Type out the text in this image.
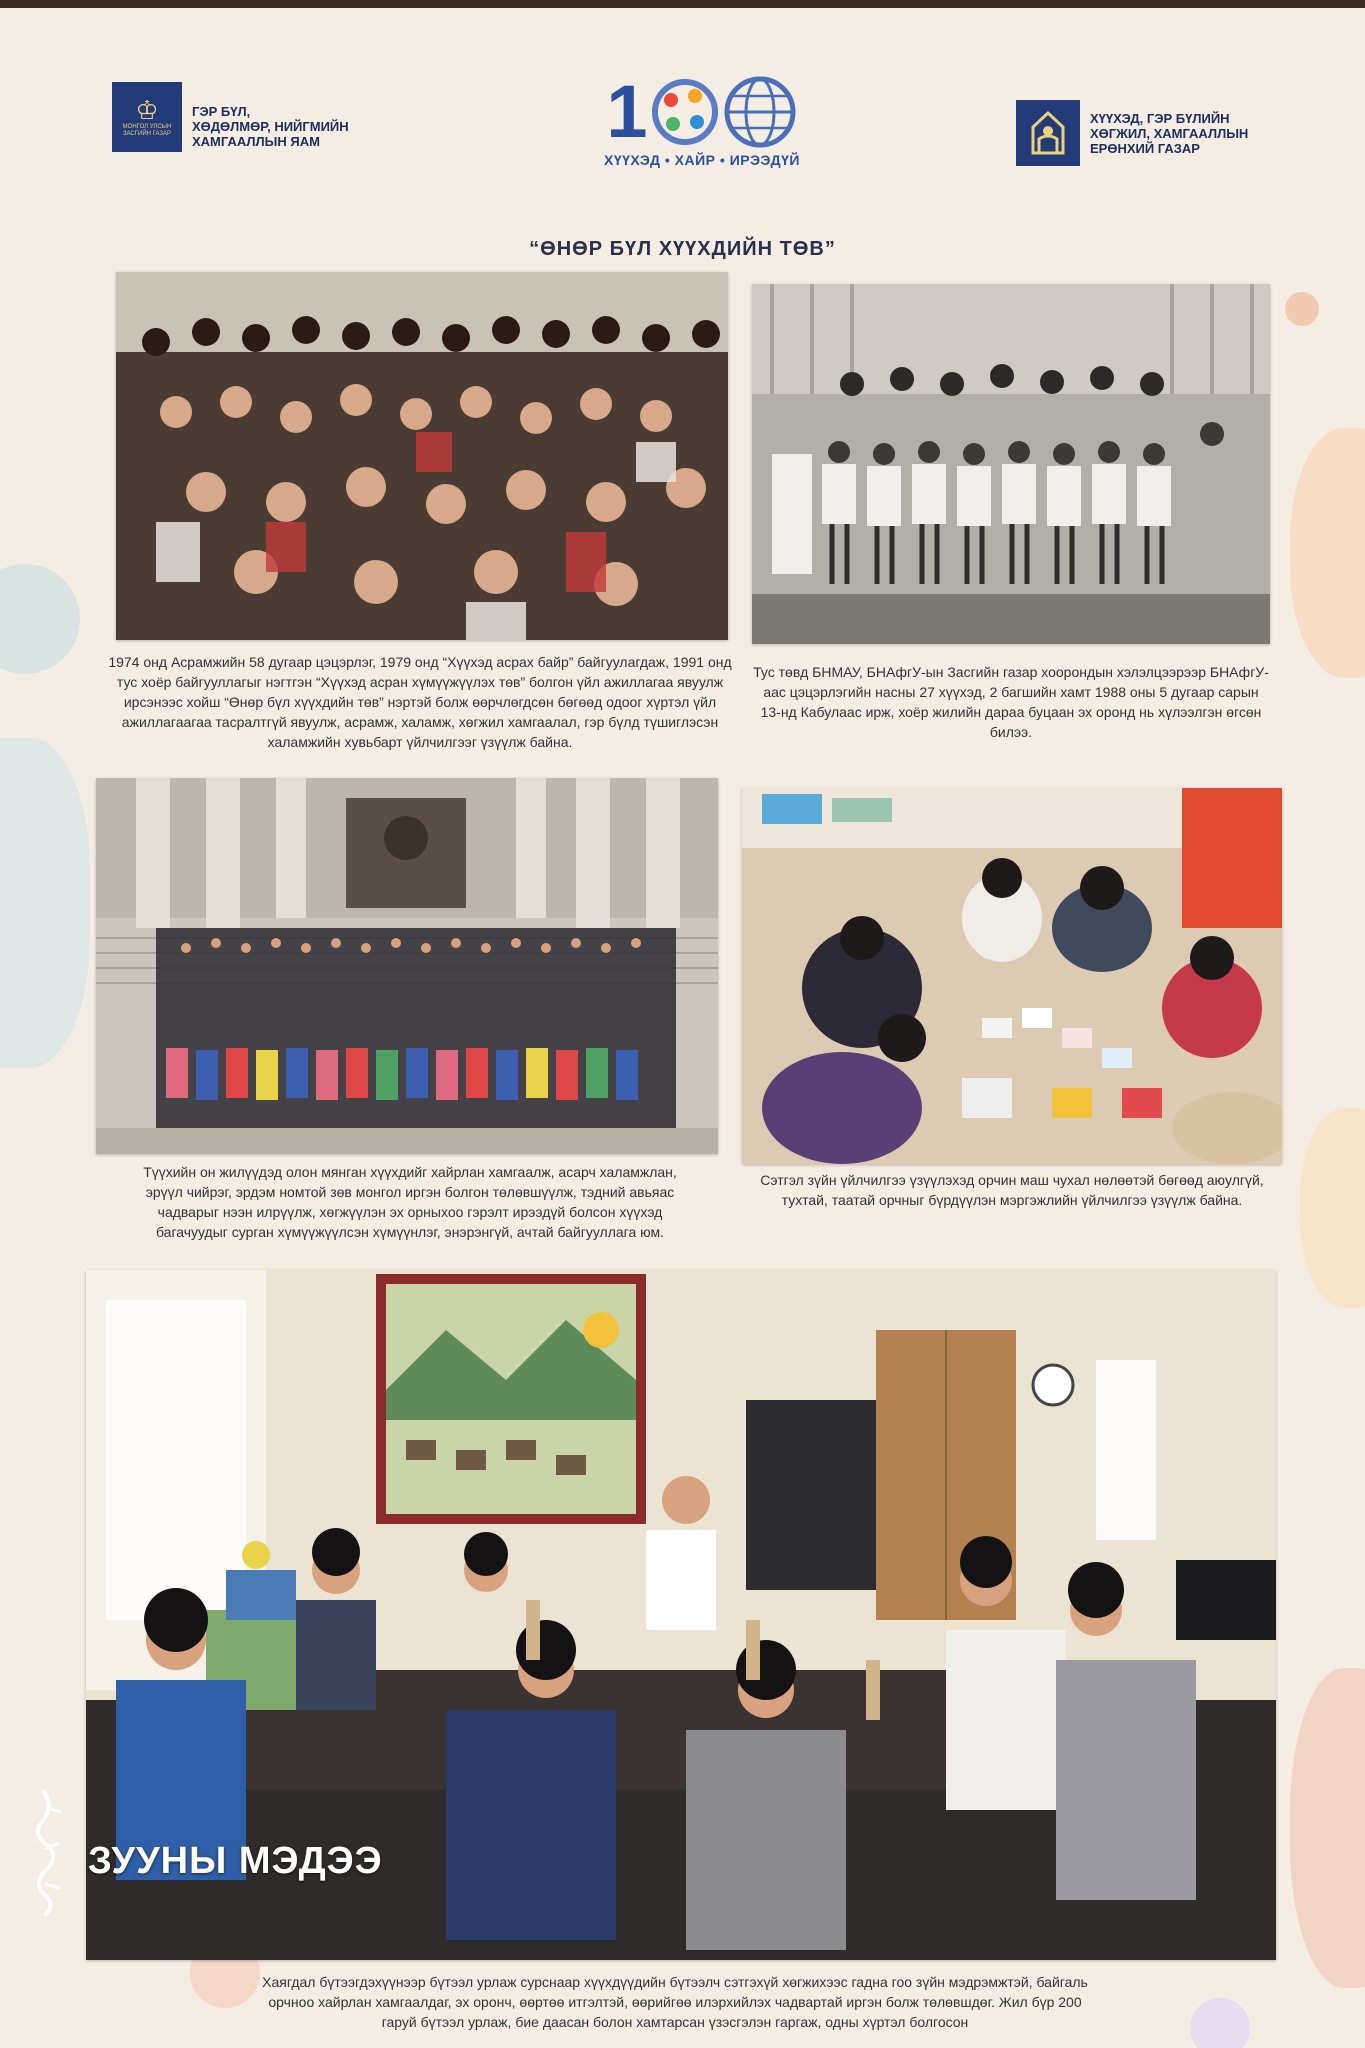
♔
МОНГОЛ УЛСЫН ЗАСГИЙН ГАЗАР
ГЭР БҮЛ,
ХӨДӨЛМӨР, НИЙГМИЙН
ХАМГААЛЛЫН ЯАМ	1
ХҮҮХЭД • ХАЙР • ИРЭЭДҮЙ
ХҮҮХЭД, ГЭР БҮЛИЙН
ХӨГЖИЛ, ХАМГААЛЛЫН
ЕРӨНХИЙ ГАЗАР
“ӨНӨР БҮЛ ХҮҮХДИЙН ТӨВ”
1974 онд Асрамжийн 58 дугаар цэцэрлэг, 1979 онд “Хүүхэд асрах байр” байгуулагдаж, 1991 онд тус хоёр байгууллагыг нэгтгэн “Хүүхэд асран хүмүүжүүлэх төв” болгон үйл ажиллагаа явуулж ирсэнээс хойш “Өнөр бүл хүүхдийн төв” нэртэй болж өөрчлөгдсөн бөгөөд одоог хүртэл үйл ажиллагаагаа тасралтгүй явуулж, асрамж, халамж, хөгжил хамгаалал, гэр бүлд түшиглэсэн халамжийн хувьбарт үйлчилгээг үзүүлж байна.
Тус төвд БНМАУ, БНАфгУ-ын Засгийн газар хоорондын хэлэлцээрээр БНАфгУ-аас цэцэрлэгийн насны 27 хүүхэд, 2 багшийн хамт 1988 оны 5 дугаар сарын 13-нд Кабулаас ирж, хоёр жилийн дараа буцаан эх оронд нь хүлээлгэн өгсөн билээ.
Түүхийн он жилүүдэд олон мянган хүүхдийг хайрлан хамгаалж, асарч халамжлан, эрүүл чийрэг, эрдэм номтой зөв монгол иргэн болгон төлөвшүүлж, тэдний авьяас чадварыг нээн илрүүлж, хөгжүүлэн эх орныхоо гэрэлт ирээдүй болсон хүүхэд багачуудыг сурган хүмүүжүүлсэн хүмүүнлэг, энэрэнгүй, ачтай байгууллага юм.
Сэтгэл зүйн үйлчилгээ үзүүлэхэд орчин маш чухал нөлөөтэй бөгөөд аюулгүй, тухтай, таатай орчныг бүрдүүлэн мэргэжлийн үйлчилгээ үзүүлж байна.
ЗУУНЫ МЭДЭЭ
Хаягдал бүтээгдэхүүнээр бүтээл урлаж сурснаар хүүхдүүдийн бүтээлч сэтгэхүй хөгжихээс гадна гоо зүйн мэдрэмжтэй, байгаль орчноо хайрлан хамгаалдаг, эх оронч, өөртөө итгэлтэй, өөрийгөө илэрхийлэх чадвартай иргэн болж төлөвшдөг. Жил бүр 200 гаруй бүтээл урлаж, бие даасан болон хамтарсан үзэсгэлэн гаргаж, одны хүртэл болгосон
